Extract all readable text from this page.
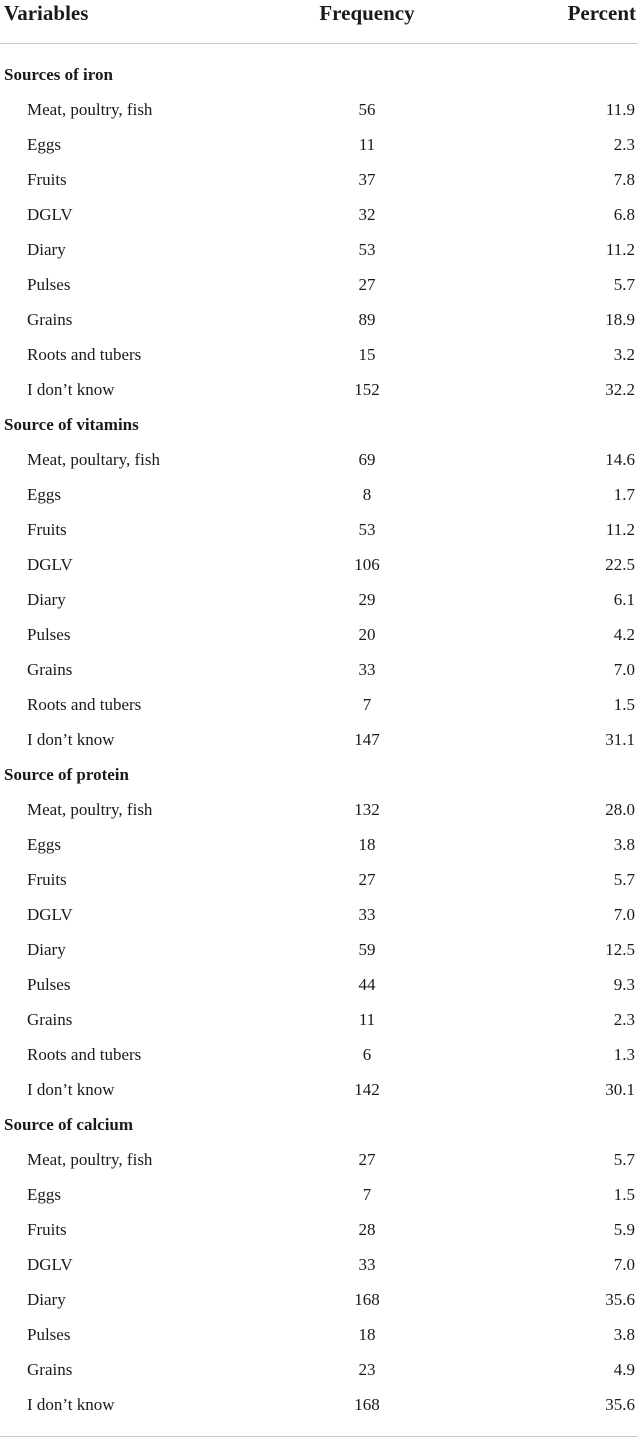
Variables	Frequency	Percent
Sources of iron
Meat, poultry, fish	56	11.9
Eggs	11	2.3
Fruits	37	7.8
DGLV	32	6.8
Diary	53	11.2
Pulses	27	5.7
Grains	89	18.9
Roots and tubers	15	3.2
I don’t know	152	32.2
Source of vitamins
Meat, poultary, fish	69	14.6
Eggs	8	1.7
Fruits	53	11.2
DGLV	106	22.5
Diary	29	6.1
Pulses	20	4.2
Grains	33	7.0
Roots and tubers	7	1.5
I don’t know	147	31.1
Source of protein
Meat, poultry, fish	132	28.0
Eggs	18	3.8
Fruits	27	5.7
DGLV	33	7.0
Diary	59	12.5
Pulses	44	9.3
Grains	11	2.3
Roots and tubers	6	1.3
I don’t know	142	30.1
Source of calcium
Meat, poultry, fish	27	5.7
Eggs	7	1.5
Fruits	28	5.9
DGLV	33	7.0
Diary	168	35.6
Pulses	18	3.8
Grains	23	4.9
I don’t know	168	35.6
